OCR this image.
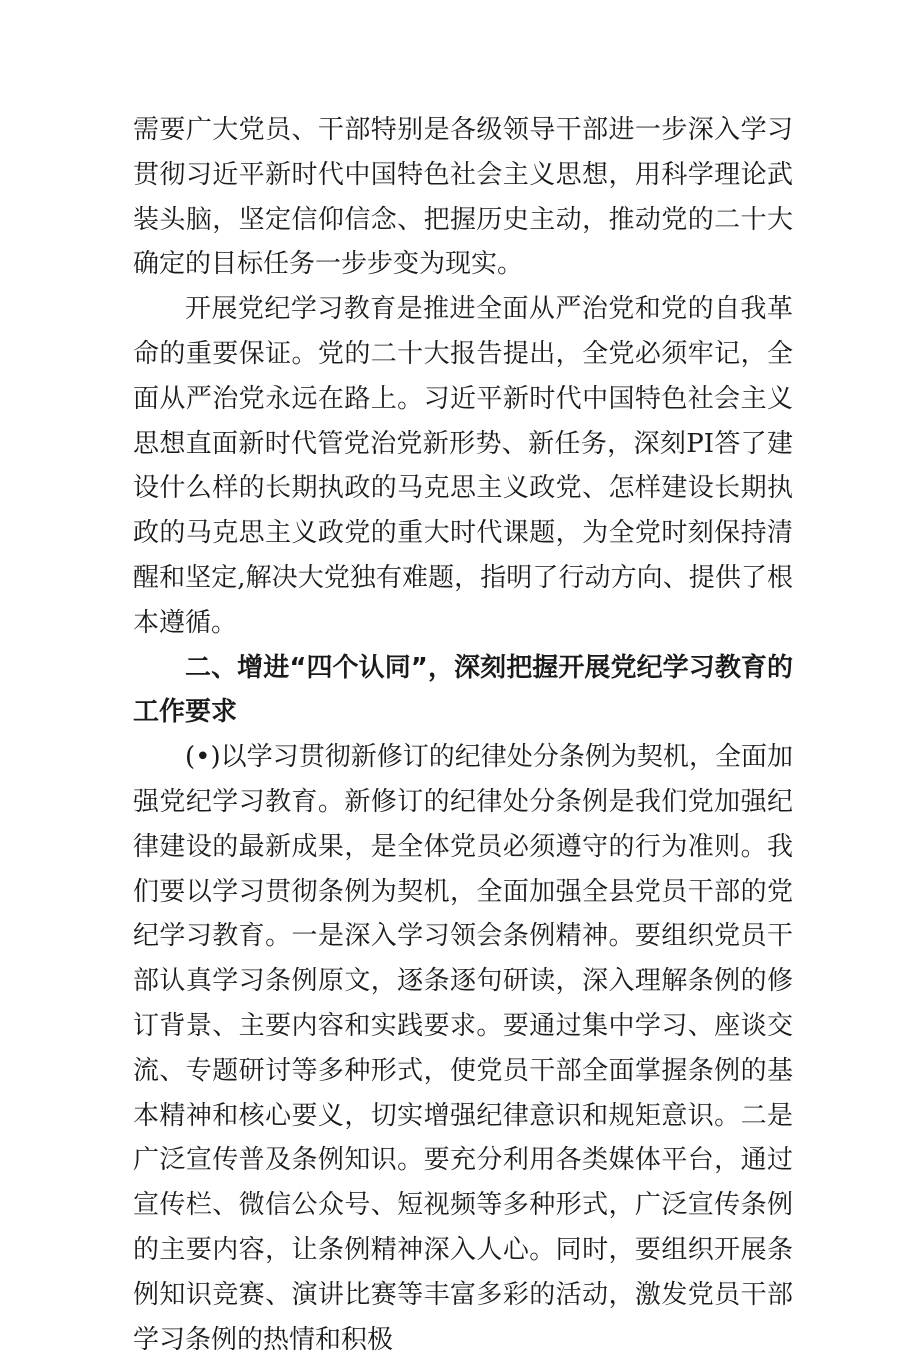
需要广大党员、干部特别是各级领导干部进一步深入学习贯彻习近平新时代中国特色社会主义思想，用科学理论武装头脑，坚定信仰信念、把握历史主动，推动党的二十大确定的目标任务一步步变为现实。

开展党纪学习教育是推进全面从严治党和党的自我革命的重要保证。党的二十大报告提出，全党必须牢记，全面从严治党永远在路上。习近平新时代中国特色社会主义思想直面新时代管党治党新形势、新任务，深刻PI答了建设什么样的长期执政的马克思主义政党、怎样建设长期执政的马克思主义政党的重大时代课题，为全党时刻保持清醒和坚定,解决大党独有难题，指明了行动方向、提供了根本遵循。

二、增进“四个认同”，深刻把握开展党纪学习教育的工作要求

(•)以学习贯彻新修订的纪律处分条例为契机，全面加强党纪学习教育。新修订的纪律处分条例是我们党加强纪律建设的最新成果，是全体党员必须遵守的行为准则。我们要以学习贯彻条例为契机，全面加强全县党员干部的党纪学习教育。一是深入学习领会条例精神。要组织党员干部认真学习条例原文，逐条逐句研读，深入理解条例的修订背景、主要内容和实践要求。要通过集中学习、座谈交流、专题研讨等多种形式，使党员干部全面掌握条例的基本精神和核心要义，切实增强纪律意识和规矩意识。二是广泛宣传普及条例知识。要充分利用各类媒体平台，通过宣传栏、微信公众号、短视频等多种形式，广泛宣传条例的主要内容，让条例精神深入人心。同时，要组织开展条例知识竞赛、演讲比赛等丰富多彩的活动，激发党员干部学习条例的热情和积极
